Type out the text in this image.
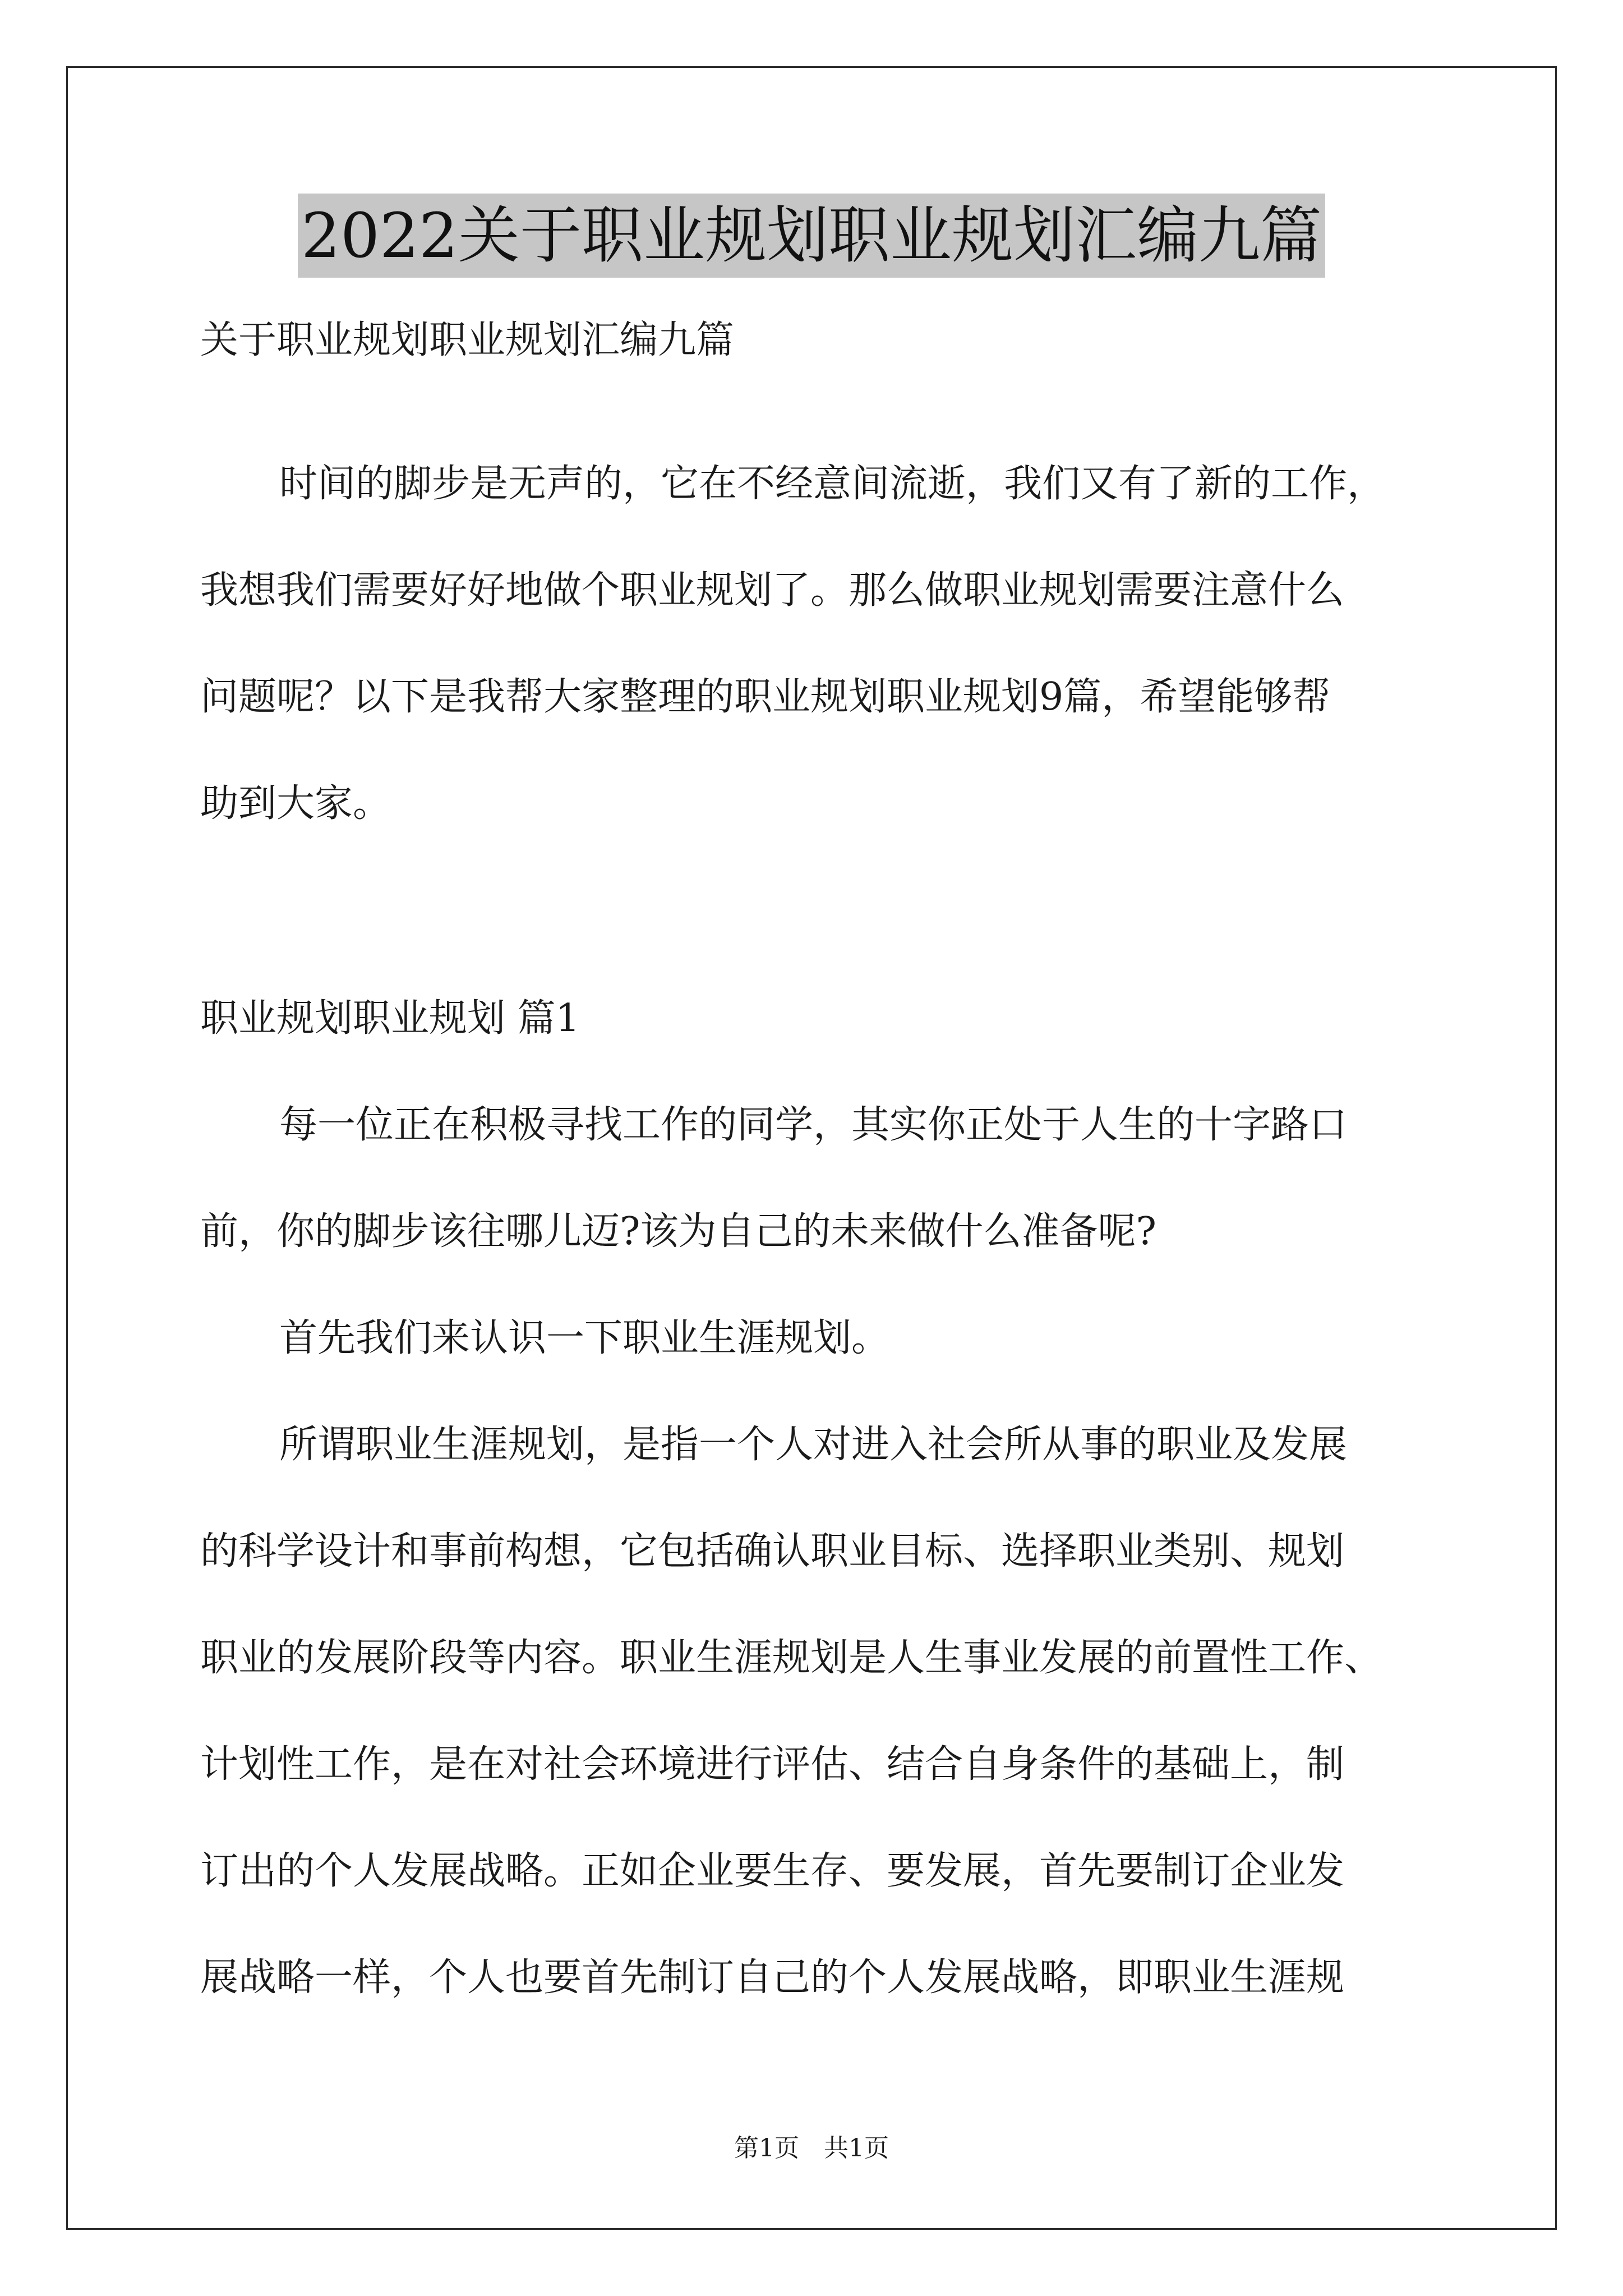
2022关于职业规划职业规划汇编九篇
关于职业规划职业规划汇编九篇
时间的脚步是无声的，它在不经意间流逝，我们又有了新的工作，
我想我们需要好好地做个职业规划了。那么做职业规划需要注意什么
问题呢？以下是我帮大家整理的职业规划职业规划9篇，希望能够帮
助到大家。
职业规划职业规划 篇1
每一位正在积极寻找工作的同学，其实你正处于人生的十字路口
前，你的脚步该往哪儿迈?该为自己的未来做什么准备呢?
首先我们来认识一下职业生涯规划。
所谓职业生涯规划，是指一个人对进入社会所从事的职业及发展
的科学设计和事前构想，它包括确认职业目标、选择职业类别、规划
职业的发展阶段等内容。职业生涯规划是人生事业发展的前置性工作、
计划性工作，是在对社会环境进行评估、结合自身条件的基础上，制
订出的个人发展战略。正如企业要生存、要发展，首先要制订企业发
展战略一样，个人也要首先制订自己的个人发展战略，即职业生涯规
第1页 共1页
